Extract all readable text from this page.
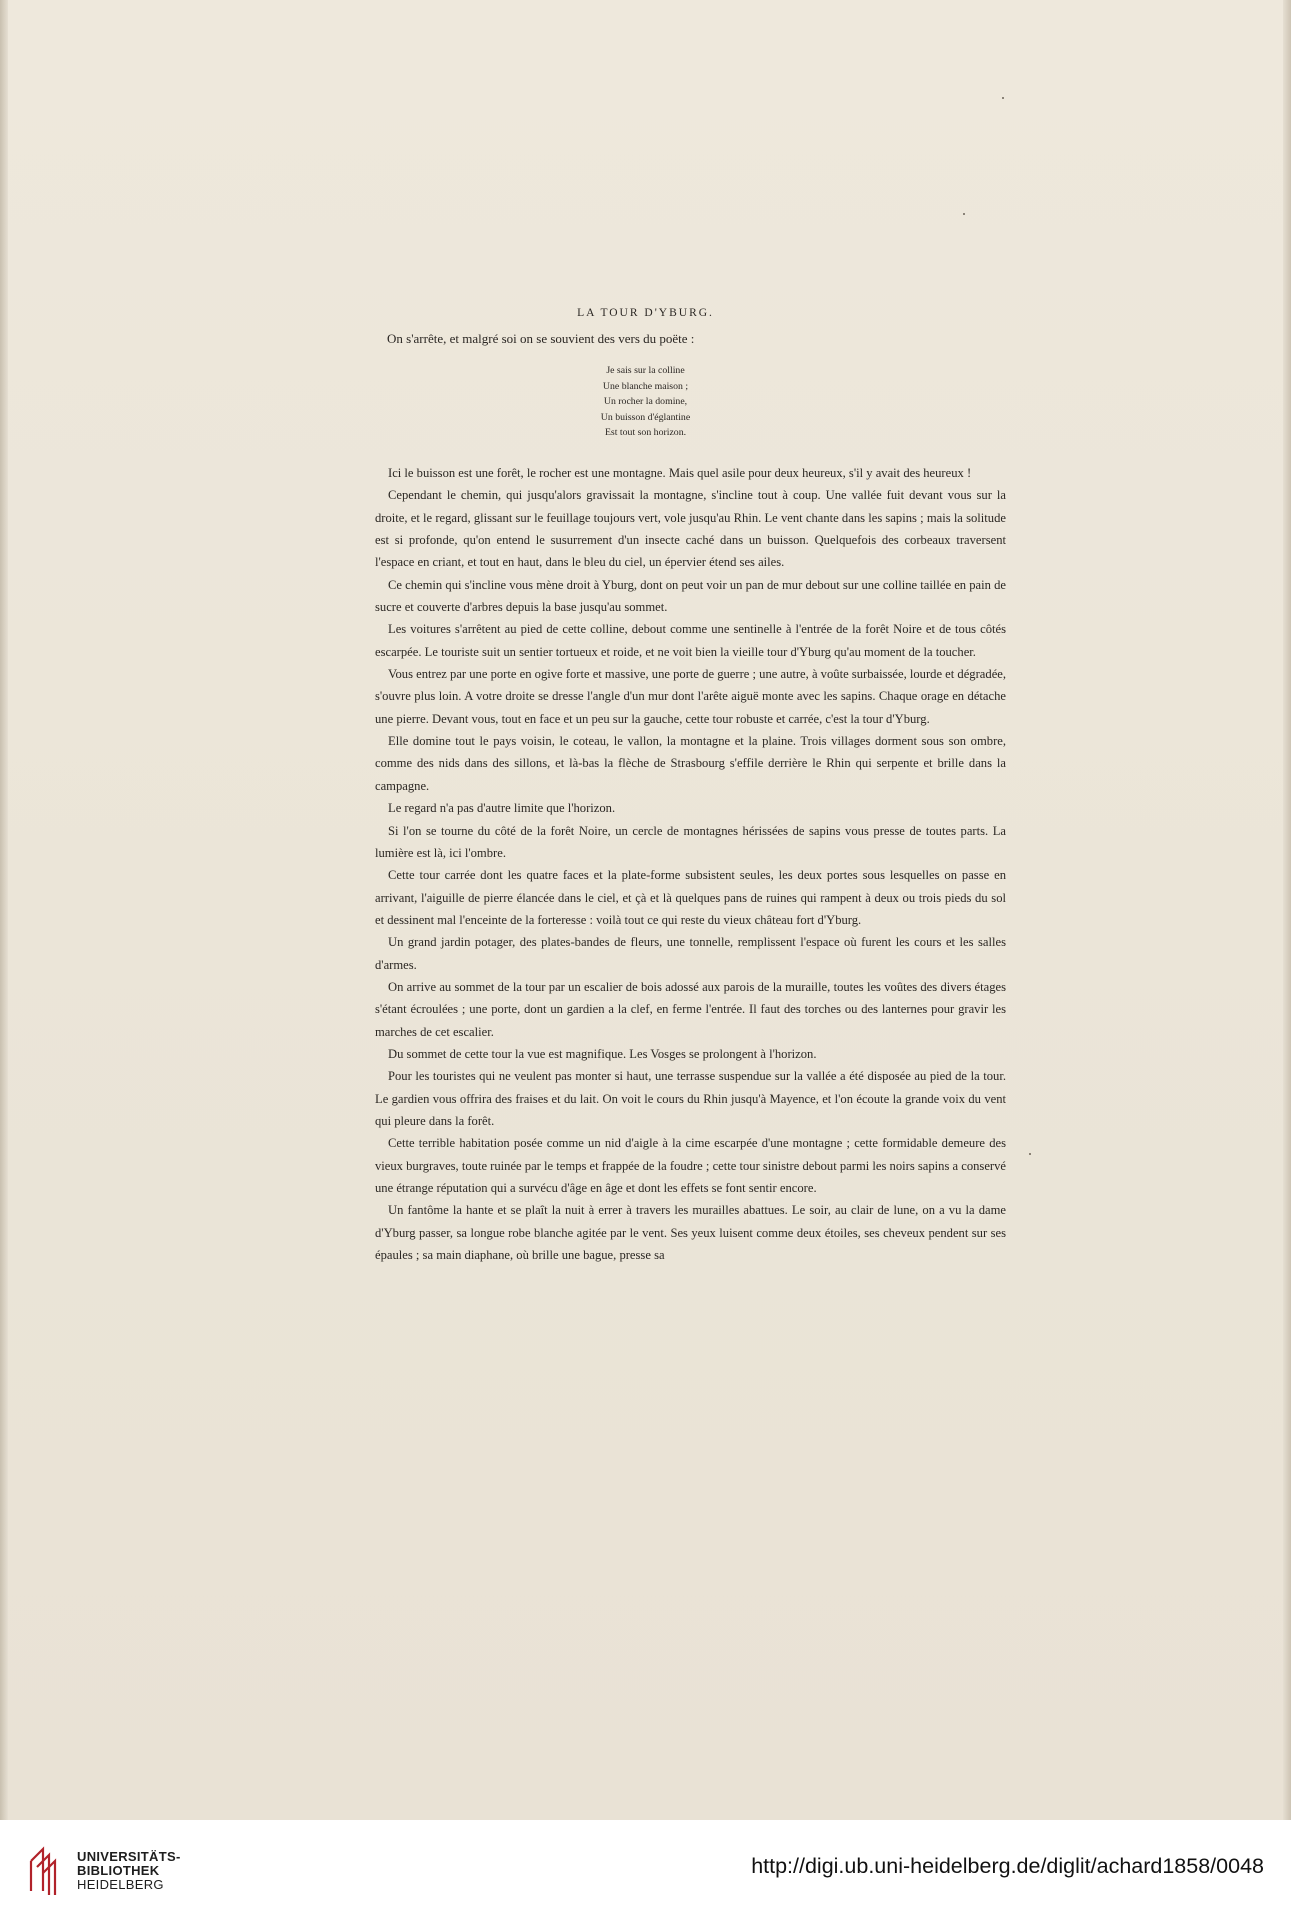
LA TOUR D'YBURG.
On s'arrête, et malgré soi on se souvient des vers du poëte :
Je sais sur la colline
Une blanche maison ;
Un rocher la domine,
Un buisson d'églantine
Est tout son horizon.

Ici le buisson est une forêt, le rocher est une montagne. Mais quel asile pour deux heureux, s'il y avait des heureux !

Cependant le chemin, qui jusqu'alors gravissait la montagne, s'incline tout à coup. Une vallée fuit devant vous sur la droite, et le regard, glissant sur le feuillage toujours vert, vole jusqu'au Rhin. Le vent chante dans les sapins ; mais la solitude est si profonde, qu'on entend le susurrement d'un insecte caché dans un buisson. Quelquefois des corbeaux traversent l'espace en criant, et tout en haut, dans le bleu du ciel, un épervier étend ses ailes.

Ce chemin qui s'incline vous mène droit à Yburg, dont on peut voir un pan de mur debout sur une colline taillée en pain de sucre et couverte d'arbres depuis la base jusqu'au sommet.

Les voitures s'arrêtent au pied de cette colline, debout comme une sentinelle à l'entrée de la forêt Noire et de tous côtés escarpée. Le touriste suit un sentier tortueux et roide, et ne voit bien la vieille tour d'Yburg qu'au moment de la toucher.

Vous entrez par une porte en ogive forte et massive, une porte de guerre ; une autre, à voûte surbaissée, lourde et dégradée, s'ouvre plus loin. A votre droite se dresse l'angle d'un mur dont l'arête aiguë monte avec les sapins. Chaque orage en détache une pierre. Devant vous, tout en face et un peu sur la gauche, cette tour robuste et carrée, c'est la tour d'Yburg.

Elle domine tout le pays voisin, le coteau, le vallon, la montagne et la plaine. Trois villages dorment sous son ombre, comme des nids dans des sillons, et là-bas la flèche de Strasbourg s'effile derrière le Rhin qui serpente et brille dans la campagne.

Le regard n'a pas d'autre limite que l'horizon.

Si l'on se tourne du côté de la forêt Noire, un cercle de montagnes hérissées de sapins vous presse de toutes parts. La lumière est là, ici l'ombre.

Cette tour carrée dont les quatre faces et la plate-forme subsistent seules, les deux portes sous lesquelles on passe en arrivant, l'aiguille de pierre élancée dans le ciel, et çà et là quelques pans de ruines qui rampent à deux ou trois pieds du sol et dessinent mal l'enceinte de la forteresse : voilà tout ce qui reste du vieux château fort d'Yburg.

Un grand jardin potager, des plates-bandes de fleurs, une tonnelle, remplissent l'espace où furent les cours et les salles d'armes.

On arrive au sommet de la tour par un escalier de bois adossé aux parois de la muraille, toutes les voûtes des divers étages s'étant écroulées ; une porte, dont un gardien a la clef, en ferme l'entrée. Il faut des torches ou des lanternes pour gravir les marches de cet escalier.

Du sommet de cette tour la vue est magnifique. Les Vosges se prolongent à l'horizon.

Pour les touristes qui ne veulent pas monter si haut, une terrasse suspendue sur la vallée a été disposée au pied de la tour. Le gardien vous offrira des fraises et du lait. On voit le cours du Rhin jusqu'à Mayence, et l'on écoute la grande voix du vent qui pleure dans la forêt.

Cette terrible habitation posée comme un nid d'aigle à la cime escarpée d'une montagne ; cette formidable demeure des vieux burgraves, toute ruinée par le temps et frappée de la foudre ; cette tour sinistre debout parmi les noirs sapins a conservé une étrange réputation qui a survécu d'âge en âge et dont les effets se font sentir encore.

Un fantôme la hante et se plaît la nuit à errer à travers les murailles abattues. Le soir, au clair de lune, on a vu la dame d'Yburg passer, sa longue robe blanche agitée par le vent. Ses yeux luisent comme deux étoiles, ses cheveux pendent sur ses épaules ; sa main diaphane, où brille une bague, presse sa

UNIVERSITÄTS-
BIBLIOTHEK
HEIDELBERG
http://digi.ub.uni-heidelberg.de/diglit/achard1858/0048
